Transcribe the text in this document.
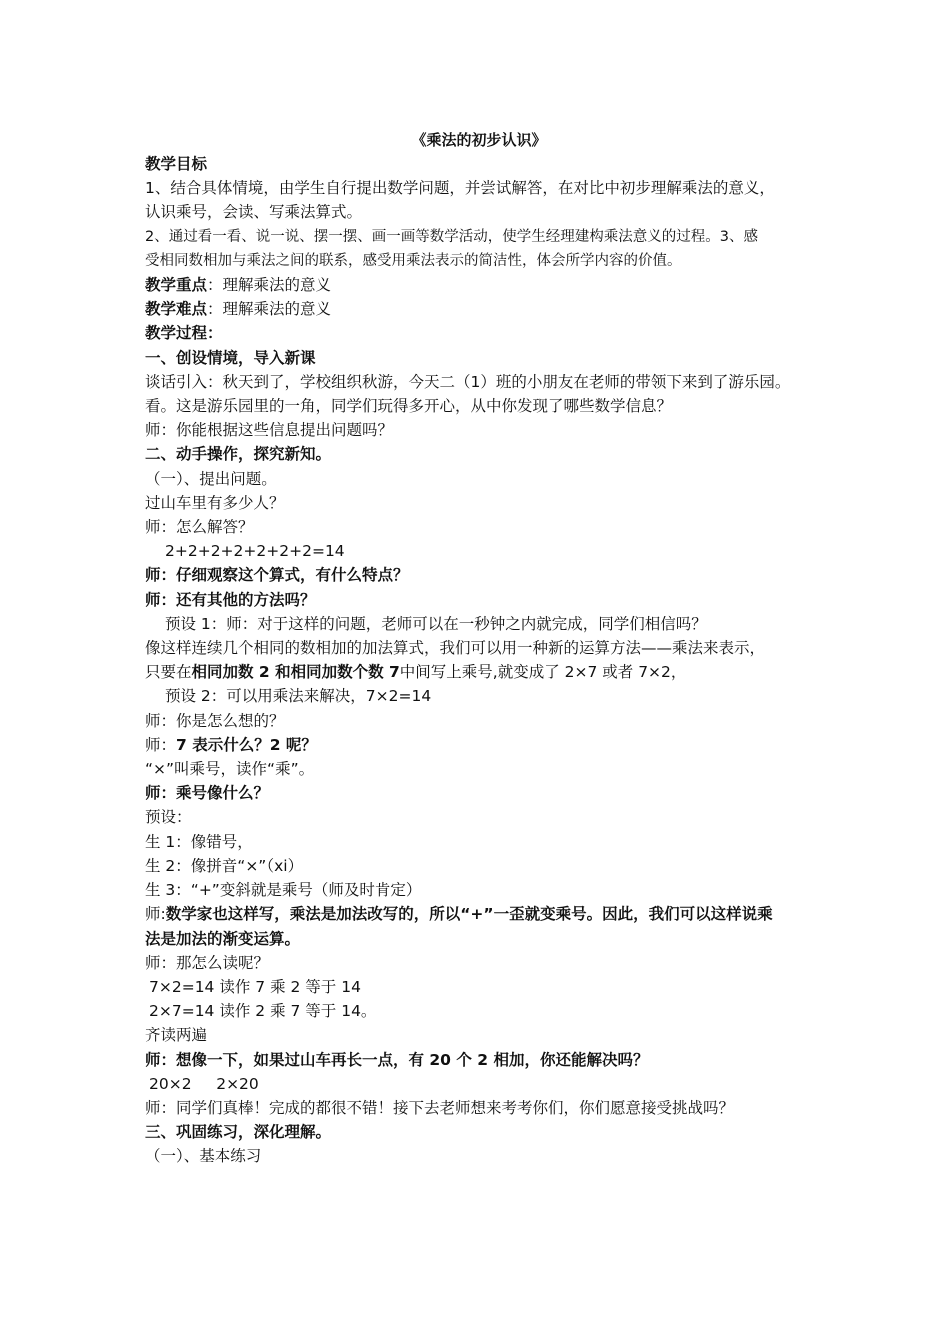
《乘法的初步认识》
教学目标
1、结合具体情境，由学生自行提出数学问题，并尝试解答，在对比中初步理解乘法的意义，
认识乘号，会读、写乘法算式。
2、通过看一看、说一说、摆一摆、画一画等数学活动，使学生经理建构乘法意义的过程。3、感
受相同数相加与乘法之间的联系，感受用乘法表示的简洁性，体会所学内容的价值。
教学重点：理解乘法的意义
教学难点：理解乘法的意义
教学过程：
一、创设情境，导入新课
谈话引入：秋天到了，学校组织秋游，今天二（1）班的小朋友在老师的带领下来到了游乐园。
看。这是游乐园里的一角，同学们玩得多开心，从中你发现了哪些数学信息？
师：你能根据这些信息提出问题吗？
二、动手操作，探究新知。
（一）、提出问题。
过山车里有多少人？
师：怎么解答？
2+2+2+2+2+2+2=14
师：仔细观察这个算式，有什么特点？
师：还有其他的方法吗？
预设 1：师：对于这样的问题，老师可以在一秒钟之内就完成，同学们相信吗？
像这样连续几个相同的数相加的加法算式，我们可以用一种新的运算方法——乘法来表示，
只要在相同加数 2 和相同加数个数 7中间写上乘号,就变成了 2×7 或者 7×2，
预设 2：可以用乘法来解决，7×2=14
师：你是怎么想的？
师：7 表示什么？2 呢？
“×”叫乘号，读作“乘”。
师：乘号像什么？
预设：
生 1：像错号，
生 2：像拼音“×”（xi）
生 3：“+”变斜就是乘号（师及时肯定）
师:数学家也这样写，乘法是加法改写的，所以“+”一歪就变乘号。因此，我们可以这样说乘
法是加法的渐变运算。
师：那怎么读呢？
7×2=14 读作 7 乘 2 等于 14
2×7=14 读作 2 乘 7 等于 14。
齐读两遍
师：想像一下，如果过山车再长一点，有 20 个 2 相加，你还能解决吗？
20×2     2×20
师：同学们真棒！完成的都很不错！接下去老师想来考考你们，你们愿意接受挑战吗？
三、巩固练习，深化理解。
（一）、基本练习
